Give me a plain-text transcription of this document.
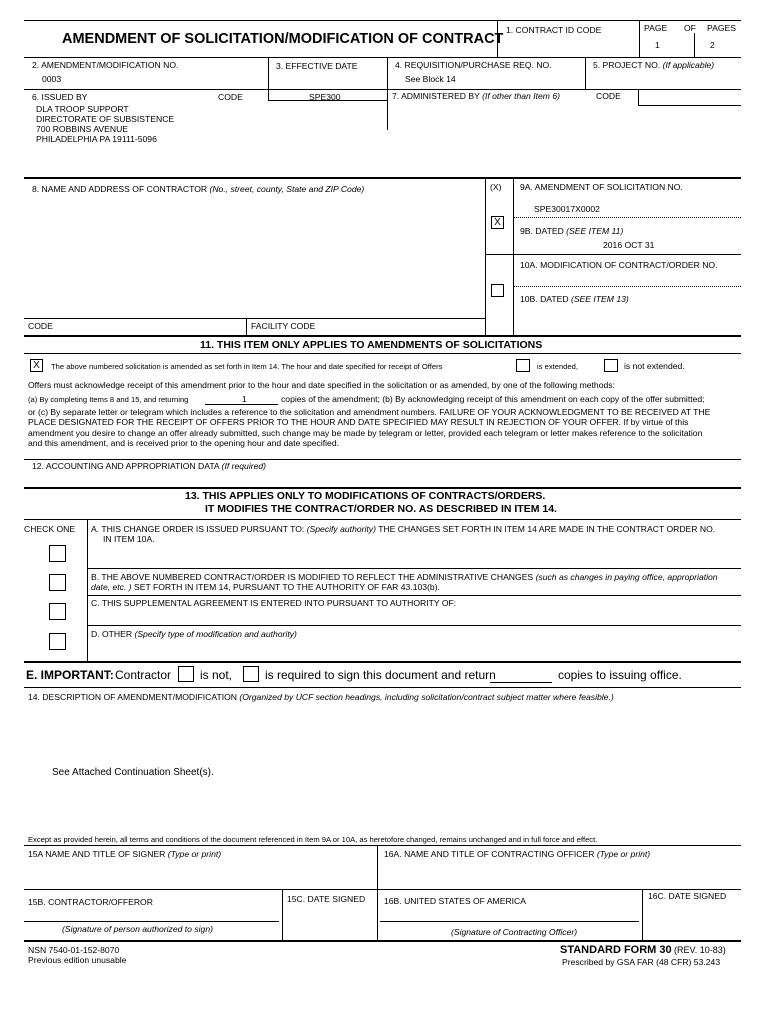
AMENDMENT OF SOLICITATION/MODIFICATION OF CONTRACT
1. CONTRACT ID CODE	PAGE OF PAGES
1	2
2. AMENDMENT/MODIFICATION NO.
0003
3. EFFECTIVE DATE	4. REQUISITION/PURCHASE REQ. NO.
See Block 14
5. PROJECT NO. (If applicable)
6. ISSUED BY	CODE	SPE300
DLA TROOP SUPPORT
DIRECTORATE OF SUBSISTENCE
700 ROBBINS AVENUE
PHILADELPHIA PA 19111-5096
7. ADMINISTERED BY (If other than Item 6)	CODE
8. NAME AND ADDRESS OF CONTRACTOR (No., street, county, State and ZIP Code)	(X) 9A. AMENDMENT OF SOLICITATION NO.
SPE30017X0002
X
9B. DATED (SEE ITEM 11)
2016 OCT 31
10A. MODIFICATION OF CONTRACT/ORDER NO.
10B. DATED (SEE ITEM 13)
CODE	FACILITY CODE
11. THIS ITEM ONLY APPLIES TO AMENDMENTS OF SOLICITATIONS
X	The above numbered solicitation is amended as set forth in Item 14. The hour and date specified for receipt of Offers	is extended,	is not extended.
Offers must acknowledge receipt of this amendment prior to the hour and date specified in the solicitation or as amended, by one of the following methods:
(a) By completing Items 8 and 15, and returning	1	copies of the amendment; (b) By acknowledging receipt of this amendment on each copy of the offer submitted;
or (c) By separate letter or telegram which includes a reference to the solicitation and amendment numbers. FAILURE OF YOUR ACKNOWLEDGMENT TO BE RECEIVED AT THE
PLACE DESIGNATED FOR THE RECEIPT OF OFFERS PRIOR TO THE HOUR AND DATE SPECIFIED MAY RESULT IN REJECTION OF YOUR OFFER. If by virtue of this
amendment you desire to change an offer already submitted, such change may be made by telegram or letter, provided each telegram or letter makes reference to the solicitation
and this amendment, and is received prior to the opening hour and date specified.
12. ACCOUNTING AND APPROPRIATION DATA (If required)
13. THIS APPLIES ONLY TO MODIFICATIONS OF CONTRACTS/ORDERS.
IT MODIFIES THE CONTRACT/ORDER NO. AS DESCRIBED IN ITEM 14.
CHECK ONE A. THIS CHANGE ORDER IS ISSUED PURSUANT TO: (Specify authority) THE CHANGES SET FORTH IN ITEM 14 ARE MADE IN THE CONTRACT ORDER NO.
IN ITEM 10A.
B. THE ABOVE NUMBERED CONTRACT/ORDER IS MODIFIED TO REFLECT THE ADMINISTRATIVE CHANGES (such as changes in paying office, appropriation
date, etc. ) SET FORTH IN ITEM 14, PURSUANT TO THE AUTHORITY OF FAR 43.103(b).
C. THIS SUPPLEMENTAL AGREEMENT IS ENTERED INTO PURSUANT TO AUTHORITY OF:
D. OTHER (Specify type of modification and authority)
E. IMPORTANT: Contractor is not,	is required to sign this document and return	copies to issuing office.
14. DESCRIPTION OF AMENDMENT/MODIFICATION (Organized by UCF section headings, including solicitation/contract subject matter where feasible.)
See Attached Continuation Sheet(s).
Except as provided herein, all terms and conditions of the document referenced in Item 9A or 10A, as heretofore changed, remains unchanged and in full force and effect.
15A NAME AND TITLE OF SIGNER (Type or print)	16A. NAME AND TITLE OF CONTRACTING OFFICER (Type or print)
15B. CONTRACTOR/OFFEROR	15C. DATE SIGNED 16B. UNITED STATES OF AMERICA	16C. DATE SIGNED
(Signature of person authorized to sign)	(Signature of Contracting Officer)
NSN 7540-01-152-8070
Previous edition unusable
STANDARD FORM 30 (REV. 10-83)
Prescribed by GSA FAR (48 CFR) 53.243
